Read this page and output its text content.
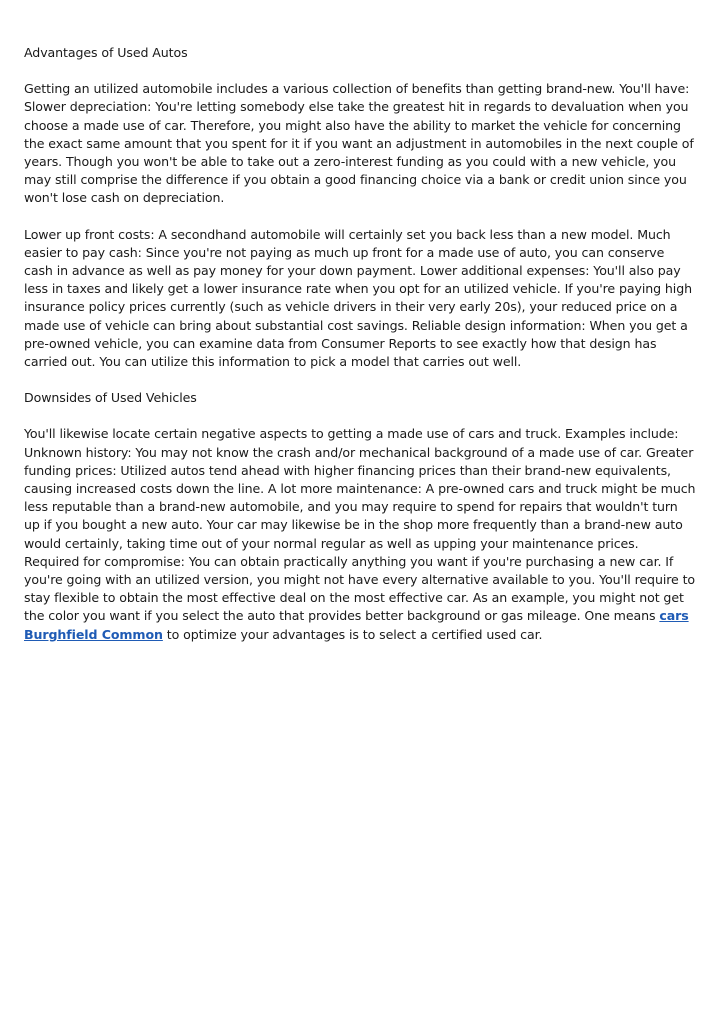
Advantages of Used Autos

Getting an utilized automobile includes a various collection of benefits than getting brand-new. You'll have: Slower depreciation: You're letting somebody else take the greatest hit in regards to devaluation when you choose a made use of car. Therefore, you might also have the ability to market the vehicle for concerning the exact same amount that you spent for it if you want an adjustment in automobiles in the next couple of years. Though you won't be able to take out a zero-interest funding as you could with a new vehicle, you may still comprise the difference if you obtain a good financing choice via a bank or credit union since you won't lose cash on depreciation.

Lower up front costs: A secondhand automobile will certainly set you back less than a new model. Much easier to pay cash: Since you're not paying as much up front for a made use of auto, you can conserve cash in advance as well as pay money for your down payment. Lower additional expenses: You'll also pay less in taxes and likely get a lower insurance rate when you opt for an utilized vehicle. If you're paying high insurance policy prices currently (such as vehicle drivers in their very early 20s), your reduced price on a made use of vehicle can bring about substantial cost savings. Reliable design information: When you get a pre-owned vehicle, you can examine data from Consumer Reports to see exactly how that design has carried out. You can utilize this information to pick a model that carries out well.

Downsides of Used Vehicles

You'll likewise locate certain negative aspects to getting a made use of cars and truck. Examples include: Unknown history: You may not know the crash and/or mechanical background of a made use of car. Greater funding prices: Utilized autos tend ahead with higher financing prices than their brand-new equivalents, causing increased costs down the line. A lot more maintenance: A pre-owned cars and truck might be much less reputable than a brand-new automobile, and you may require to spend for repairs that wouldn't turn up if you bought a new auto. Your car may likewise be in the shop more frequently than a brand-new auto would certainly, taking time out of your normal regular as well as upping your maintenance prices. Required for compromise: You can obtain practically anything you want if you're purchasing a new car. If you're going with an utilized version, you might not have every alternative available to you. You'll require to stay flexible to obtain the most effective deal on the most effective car. As an example, you might not get the color you want if you select the auto that provides better background or gas mileage. One means cars Burghfield Common to optimize your advantages is to select a certified used car.
